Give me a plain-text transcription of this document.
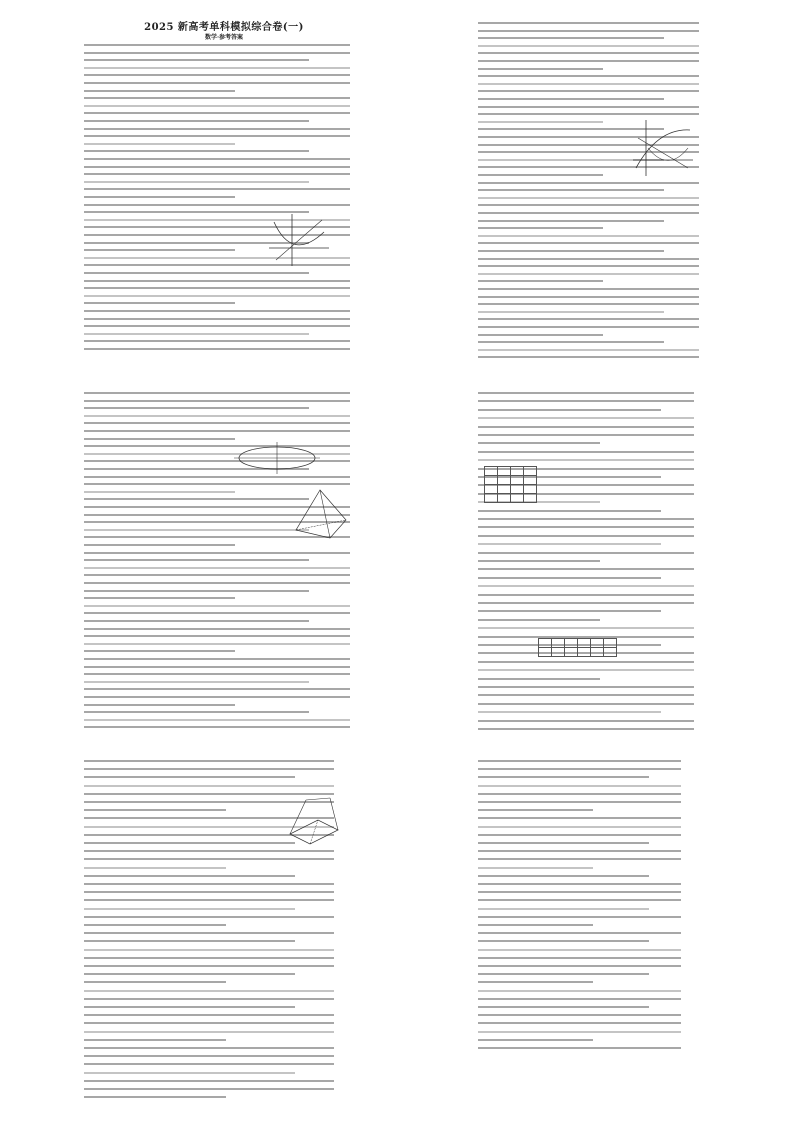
2025 新高考单科模拟综合卷(一)
数学·参考答案
